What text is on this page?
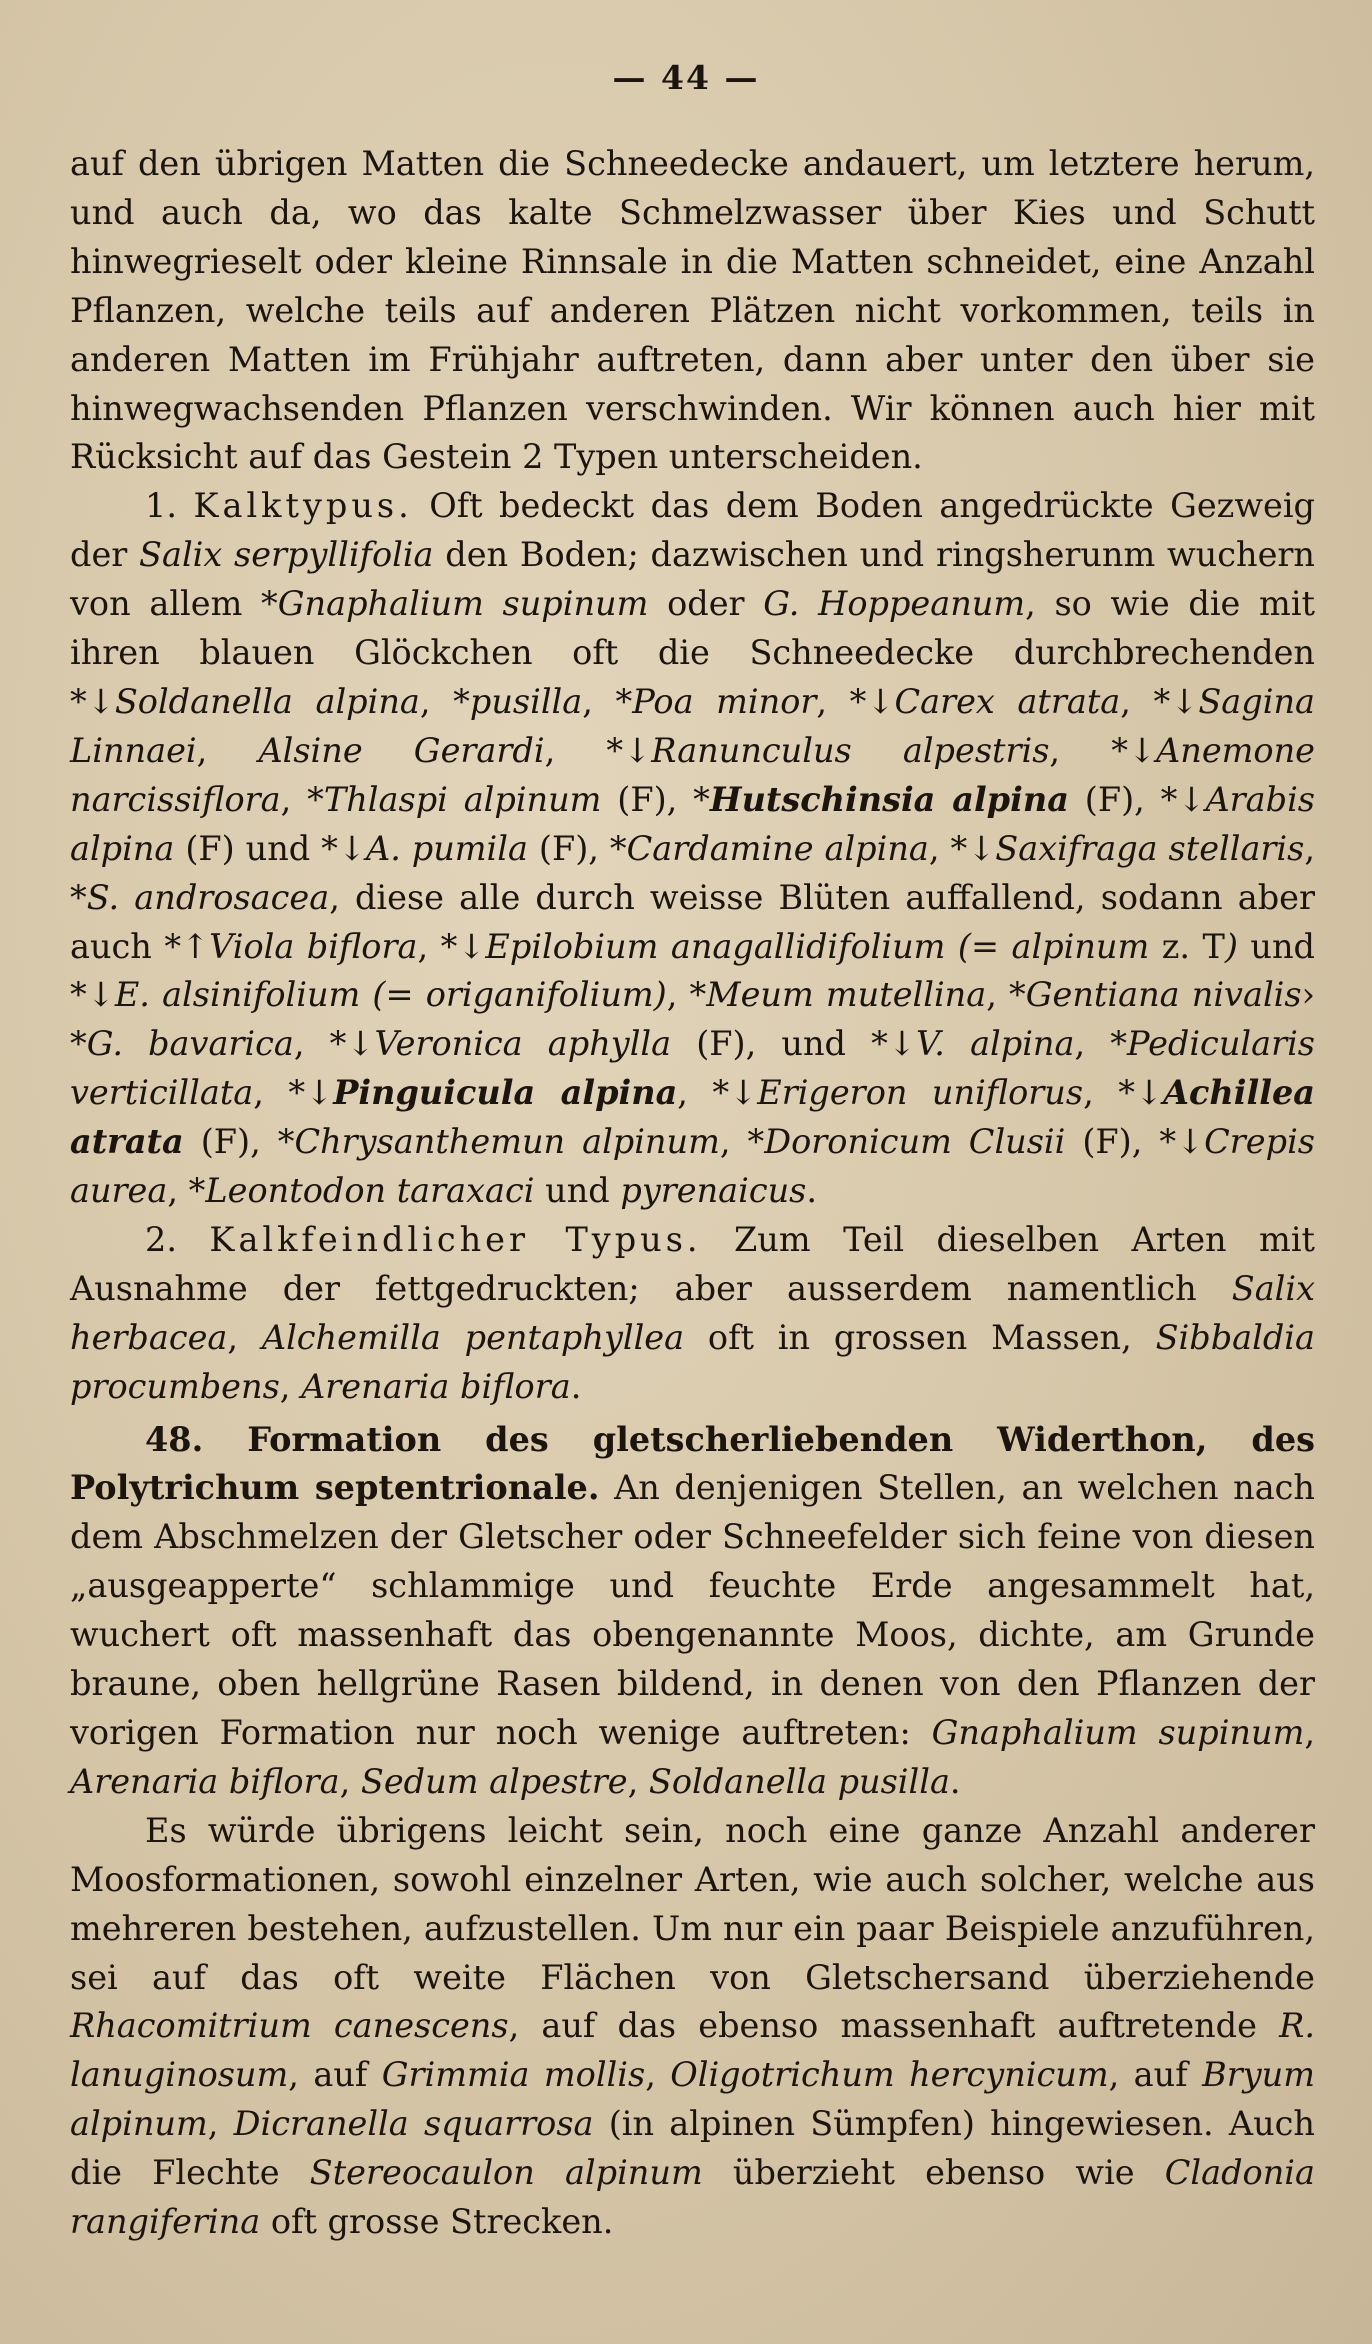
— 44 —

auf den übrigen Matten die Schneedecke andauert, um letztere herum, und auch da, wo das kalte Schmelzwasser über Kies und Schutt hinwegrieselt oder kleine Rinnsale in die Matten schneidet, eine Anzahl Pflanzen, welche teils auf anderen Plätzen nicht vorkommen, teils in anderen Matten im Frühjahr auftreten, dann aber unter den über sie hinwegwachsenden Pflanzen verschwinden. Wir können auch hier mit Rücksicht auf das Gestein 2 Typen unterscheiden.

1. Kalktypus. Oft bedeckt das dem Boden angedrückte Gezweig der Salix serpyllifolia den Boden; dazwischen und ringsherunm wuchern von allem *Gnaphalium supinum oder G. Hoppeanum, so wie die mit ihren blauen Glöckchen oft die Schneedecke durchbrechenden *↓Soldanella alpina, *pusilla, *Poa minor, *↓Carex atrata, *↓Sagina Linnaei, Alsine Gerardi, *↓Ranunculus alpestris, *↓Anemone narcissiflora, *Thlaspi alpinum (F), *Hutschinsia alpina (F), *↓Arabis alpina (F) und *↓A. pumila (F), *Cardamine alpina, *↓Saxifraga stellaris, *S. androsacea, diese alle durch weisse Blüten auffallend, sodann aber auch *↑Viola biflora, *↓Epilobium anagallidifolium (= alpinum z. T) und *↓E. alsinifolium (= origanifolium), *Meum mutellina, *Gentiana nivalis› *G. bavarica, *↓Veronica aphylla (F), und *↓V. alpina, *Pedicularis verticillata, *↓Pinguicula alpina, *↓Erigeron uniflorus, *↓Achillea atrata (F), *Chrysanthemun alpinum, *Doronicum Clusii (F), *↓Crepis aurea, *Leontodon taraxaci und pyrenaicus.

2. Kalkfeindlicher Typus. Zum Teil dieselben Arten mit Ausnahme der fettgedruckten; aber ausserdem namentlich Salix herbacea, Alchemilla pentaphyllea oft in grossen Massen, Sibbaldia procumbens, Arenaria biflora.

48. Formation des gletscherliebenden Widerthon, des Polytrichum septentrionale. An denjenigen Stellen, an welchen nach dem Abschmelzen der Gletscher oder Schneefelder sich feine von diesen „ausgeapperte“ schlammige und feuchte Erde angesammelt hat, wuchert oft massenhaft das obengenannte Moos, dichte, am Grunde braune, oben hellgrüne Rasen bildend, in denen von den Pflanzen der vorigen Formation nur noch wenige auftreten: Gnaphalium supinum, Arenaria biflora, Sedum alpestre, Soldanella pusilla.

Es würde übrigens leicht sein, noch eine ganze Anzahl anderer Moosformationen, sowohl einzelner Arten, wie auch solcher, welche aus mehreren bestehen, aufzustellen. Um nur ein paar Beispiele anzuführen, sei auf das oft weite Flächen von Gletschersand überziehende Rhacomitrium canescens, auf das ebenso massenhaft auftretende R. lanuginosum, auf Grimmia mollis, Oligotrichum hercynicum, auf Bryum alpinum, Dicranella squarrosa (in alpinen Sümpfen) hingewiesen. Auch die Flechte Stereocaulon alpinum überzieht ebenso wie Cladonia rangiferina oft grosse Strecken.
